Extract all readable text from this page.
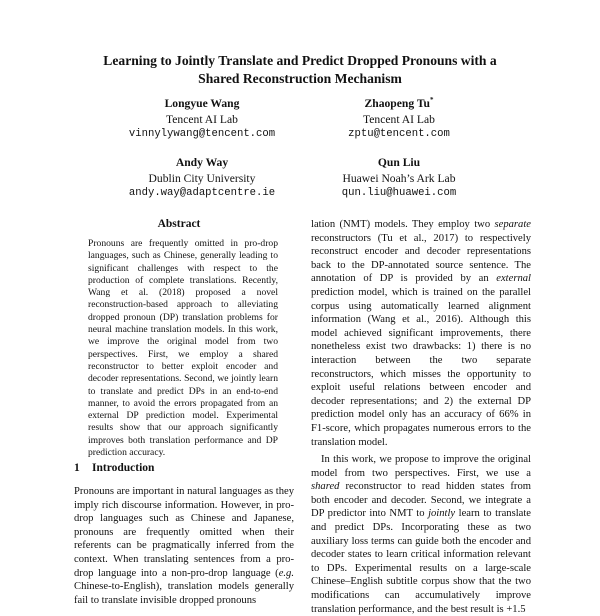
Learning to Jointly Translate and Predict Dropped Pronouns with a
Shared Reconstruction Mechanism
Longyue Wang
Tencent AI Lab
vinnylywang@tencent.com
Zhaopeng Tu*
Tencent AI Lab
zptu@tencent.com
Andy Way
Dublin City University
andy.way@adaptcentre.ie
Qun Liu
Huawei Noah’s Ark Lab
qun.liu@huawei.com
Abstract

Pronouns are frequently omitted in pro-drop languages, such as Chinese, generally leading to significant challenges with respect to the production of complete translations. Recently, Wang et al. (2018) proposed a novel reconstruction-based approach to alleviating dropped pronoun (DP) translation problems for neural machine translation models. In this work, we improve the original model from two perspectives. First, we employ a shared reconstructor to better exploit encoder and decoder representations. Second, we jointly learn to translate and predict DPs in an end-to-end manner, to avoid the errors propagated from an external DP prediction model. Experimental results show that our approach significantly improves both translation performance and DP prediction accuracy.

1 Introduction

Pronouns are important in natural languages as they imply rich discourse information. However, in pro-drop languages such as Chinese and Japanese, pronouns are frequently omitted when their referents can be pragmatically inferred from the context. When translating sentences from a pro-drop language into a non-pro-drop language (e.g. Chinese-to-English), translation models generally fail to translate invisible dropped pronouns

lation (NMT) models. They employ two separate reconstructors (Tu et al., 2017) to respectively reconstruct encoder and decoder representations back to the DP-annotated source sentence. The annotation of DP is provided by an external prediction model, which is trained on the parallel corpus using automatically learned alignment information (Wang et al., 2016). Although this model achieved significant improvements, there nonetheless exist two drawbacks: 1) there is no interaction between the two separate reconstructors, which misses the opportunity to exploit useful relations between encoder and decoder representations; and 2) the external DP prediction model only has an accuracy of 66% in F1-score, which propagates numerous errors to the translation model.

In this work, we propose to improve the original model from two perspectives. First, we use a shared reconstructor to read hidden states from both encoder and decoder. Second, we integrate a DP predictor into NMT to jointly learn to translate and predict DPs. Incorporating these as two auxiliary loss terms can guide both the encoder and decoder states to learn critical information relevant to DPs. Experimental results on a large-scale Chinese–English subtitle corpus show that the two modifications can accumulatively improve translation performance, and the best result is +1.5
